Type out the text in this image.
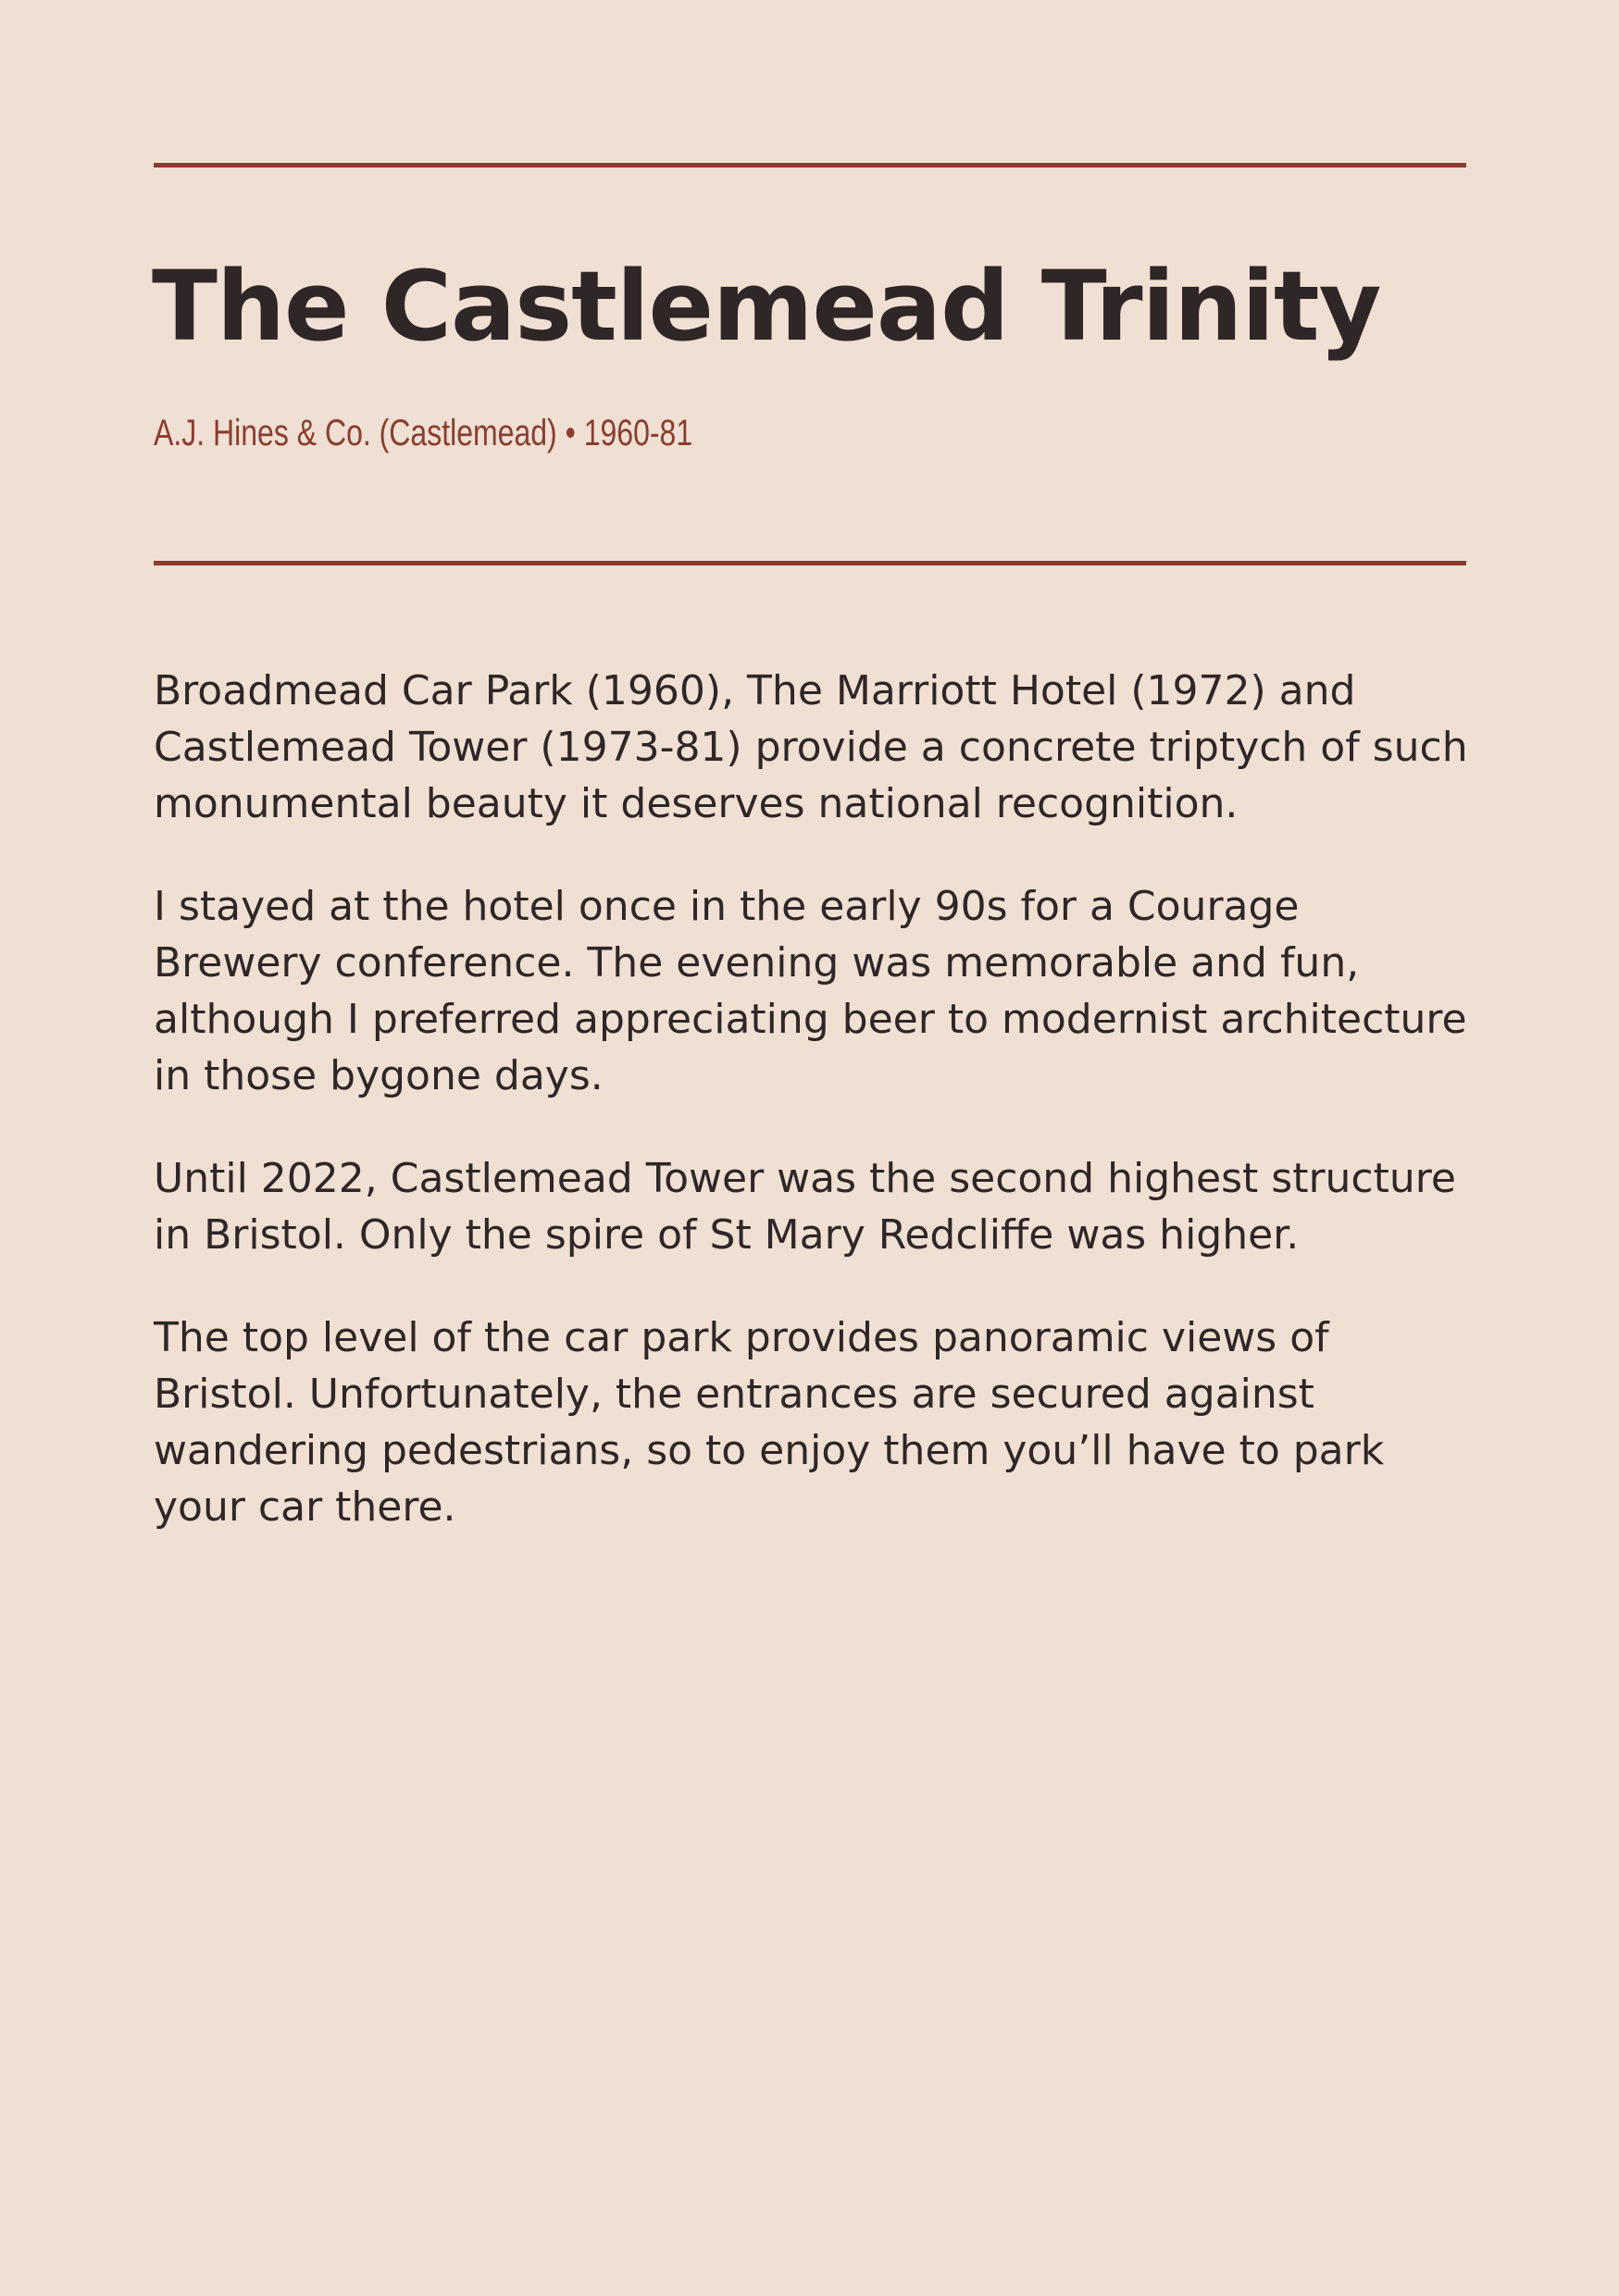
The Castlemead Trinity

A.J. Hines & Co. (Castlemead) • 1960-81

Broadmead Car Park (1960), The Marriott Hotel (1972) and Castlemead Tower (1973-81) provide a concrete triptych of such monumental beauty it deserves national recognition.

I stayed at the hotel once in the early 90s for a Courage Brewery conference. The evening was memorable and fun, although I preferred appreciating beer to modernist architecture in those bygone days.

Until 2022, Castlemead Tower was the second highest structure in Bristol. Only the spire of St Mary Redcliffe was higher.

The top level of the car park provides panoramic views of Bristol. Unfortunately, the entrances are secured against wandering pedestrians, so to enjoy them you’ll have to park your car there.
